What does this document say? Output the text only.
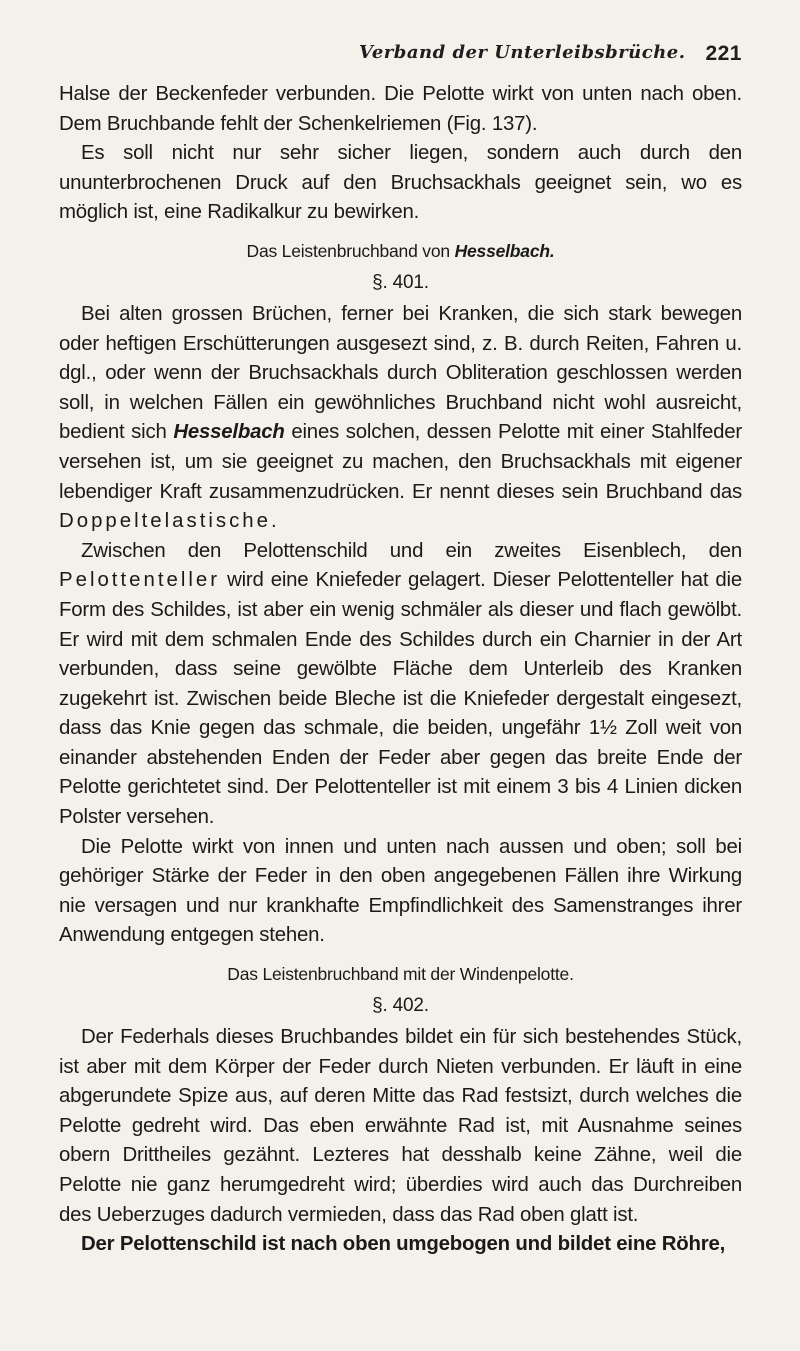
Verband der Unterleibsbrüche. 221

Halse der Beckenfeder verbunden. Die Pelotte wirkt von unten nach oben. Dem Bruchbande fehlt der Schenkelriemen (Fig. 137).

Es soll nicht nur sehr sicher liegen, sondern auch durch den ununterbrochenen Druck auf den Bruchsackhals geeignet sein, wo es möglich ist, eine Radikalkur zu bewirken.

Das Leistenbruchband von Hesselbach.
§. 401.

Bei alten grossen Brüchen, ferner bei Kranken, die sich stark bewegen oder heftigen Erschütterungen ausgesezt sind, z. B. durch Reiten, Fahren u. dgl., oder wenn der Bruchsackhals durch Obliteration geschlossen werden soll, in welchen Fällen ein gewöhnliches Bruchband nicht wohl ausreicht, bedient sich Hesselbach eines solchen, dessen Pelotte mit einer Stahlfeder versehen ist, um sie geeignet zu machen, den Bruchsackhals mit eigener lebendiger Kraft zusammenzudrücken. Er nennt dieses sein Bruchband das Doppeltelastische.

Zwischen den Pelottenschild und ein zweites Eisenblech, den Pelottenteller wird eine Kniefeder gelagert. Dieser Pelottenteller hat die Form des Schildes, ist aber ein wenig schmäler als dieser und flach gewölbt. Er wird mit dem schmalen Ende des Schildes durch ein Charnier in der Art verbunden, dass seine gewölbte Fläche dem Unterleib des Kranken zugekehrt ist. Zwischen beide Bleche ist die Kniefeder dergestalt eingesezt, dass das Knie gegen das schmale, die beiden, ungefähr 1½ Zoll weit von einander abstehenden Enden der Feder aber gegen das breite Ende der Pelotte gerichtetet sind. Der Pelottenteller ist mit einem 3 bis 4 Linien dicken Polster versehen.

Die Pelotte wirkt von innen und unten nach aussen und oben; soll bei gehöriger Stärke der Feder in den oben angegebenen Fällen ihre Wirkung nie versagen und nur krankhafte Empfindlichkeit des Samenstranges ihrer Anwendung entgegen stehen.

Das Leistenbruchband mit der Windenpelotte.
§. 402.

Der Federhals dieses Bruchbandes bildet ein für sich bestehendes Stück, ist aber mit dem Körper der Feder durch Nieten verbunden. Er läuft in eine abgerundete Spize aus, auf deren Mitte das Rad festsizt, durch welches die Pelotte gedreht wird. Das eben erwähnte Rad ist, mit Ausnahme seines obern Drittheiles gezähnt. Lezteres hat desshalb keine Zähne, weil die Pelotte nie ganz herumgedreht wird; überdies wird auch das Durchreiben des Ueberzuges dadurch vermieden, dass das Rad oben glatt ist.

Der Pelottenschild ist nach oben umgebogen und bildet eine Röhre,
